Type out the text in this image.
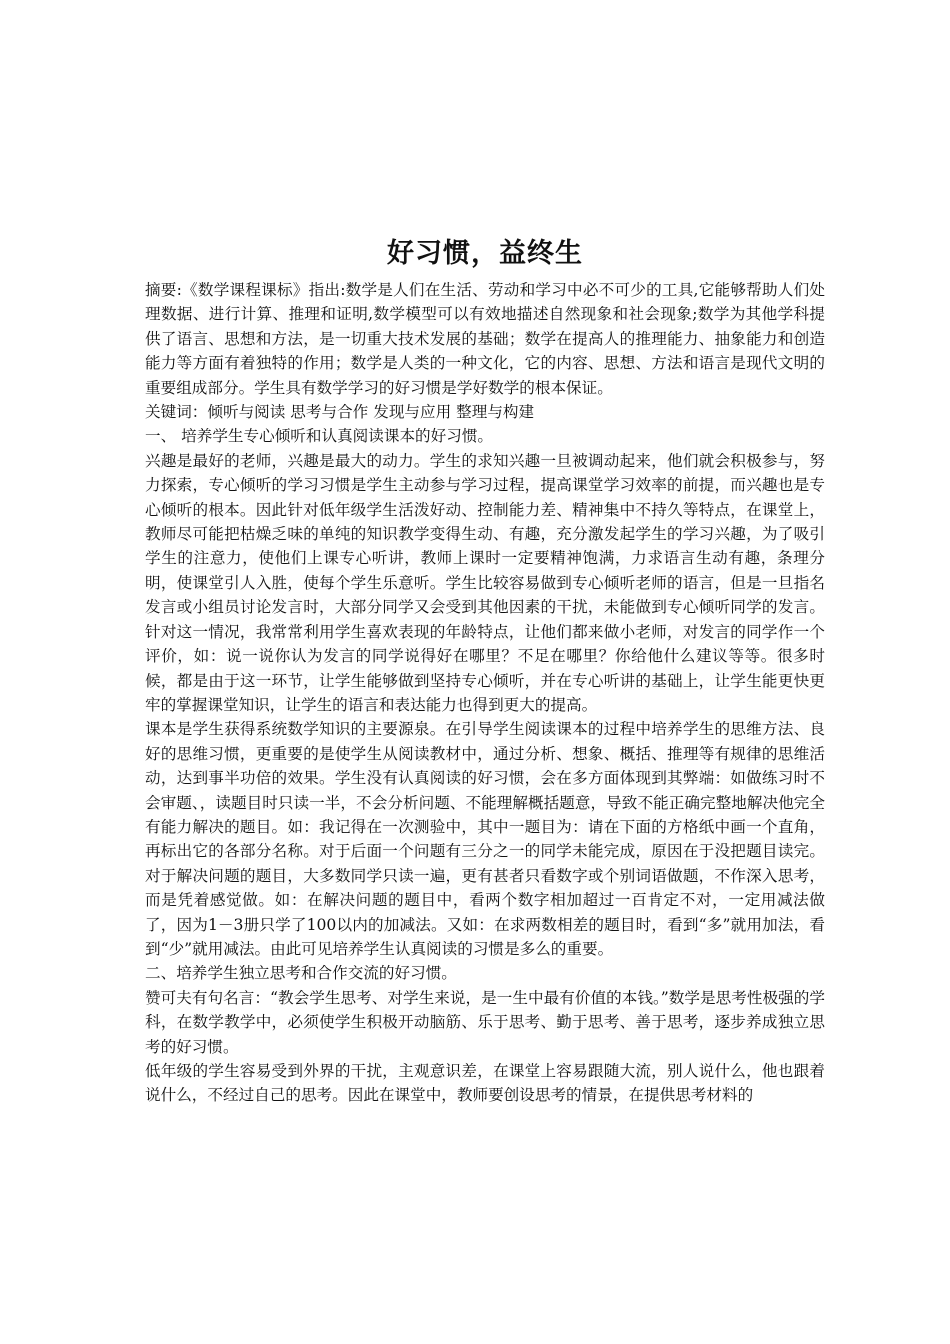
好习惯，益终生

摘要:《数学课程课标》指出:数学是人们在生活、劳动和学习中必不可少的工具,它能够帮助人们处理数据、进行计算、推理和证明,数学模型可以有效地描述自然现象和社会现象;数学为其他学科提供了语言、思想和方法，是一切重大技术发展的基础；数学在提高人的推理能力、抽象能力和创造能力等方面有着独特的作用；数学是人类的一种文化，它的内容、思想、方法和语言是现代文明的重要组成部分。学生具有数学学习的好习惯是学好数学的根本保证。

关键词：倾听与阅读 思考与合作 发现与应用 整理与构建

一、 培养学生专心倾听和认真阅读课本的好习惯。

兴趣是最好的老师，兴趣是最大的动力。学生的求知兴趣一旦被调动起来，他们就会积极参与，努力探索，专心倾听的学习习惯是学生主动参与学习过程，提高课堂学习效率的前提，而兴趣也是专心倾听的根本。因此针对低年级学生活泼好动、控制能力差、精神集中不持久等特点，在课堂上，教师尽可能把枯燥乏味的单纯的知识教学变得生动、有趣，充分激发起学生的学习兴趣，为了吸引学生的注意力，使他们上课专心听讲，教师上课时一定要精神饱满，力求语言生动有趣，条理分明，使课堂引人入胜，使每个学生乐意听。学生比较容易做到专心倾听老师的语言，但是一旦指名发言或小组员讨论发言时，大部分同学又会受到其他因素的干扰，未能做到专心倾听同学的发言。针对这一情况，我常常利用学生喜欢表现的年龄特点，让他们都来做小老师，对发言的同学作一个评价，如：说一说你认为发言的同学说得好在哪里？不足在哪里？你给他什么建议等等。很多时候，都是由于这一环节，让学生能够做到坚持专心倾听，并在专心听讲的基础上，让学生能更快更牢的掌握课堂知识，让学生的语言和表达能力也得到更大的提高。

课本是学生获得系统数学知识的主要源泉。在引导学生阅读课本的过程中培养学生的思维方法、良好的思维习惯，更重要的是使学生从阅读教材中，通过分析、想象、概括、推理等有规律的思维活动，达到事半功倍的效果。学生没有认真阅读的好习惯，会在多方面体现到其弊端：如做练习时不会审题、，读题目时只读一半，不会分析问题、不能理解概括题意，导致不能正确完整地解决他完全有能力解决的题目。如：我记得在一次测验中，其中一题目为：请在下面的方格纸中画一个直角，再标出它的各部分名称。对于后面一个问题有三分之一的同学未能完成，原因在于没把题目读完。对于解决问题的题目，大多数同学只读一遍，更有甚者只看数字或个别词语做题，不作深入思考，而是凭着感觉做。如：在解决问题的题目中，看两个数字相加超过一百肯定不对，一定用减法做了，因为1－3册只学了100以内的加减法。又如：在求两数相差的题目时，看到“多”就用加法，看到“少”就用减法。由此可见培养学生认真阅读的习惯是多么的重要。

二、培养学生独立思考和合作交流的好习惯。

赞可夫有句名言：“教会学生思考、对学生来说，是一生中最有价值的本钱。”数学是思考性极强的学科，在数学教学中，必须使学生积极开动脑筋、乐于思考、勤于思考、善于思考，逐步养成独立思考的好习惯。

低年级的学生容易受到外界的干扰，主观意识差，在课堂上容易跟随大流，别人说什么，他也跟着说什么，不经过自己的思考。因此在课堂中，教师要创设思考的情景，在提供思考材料的
